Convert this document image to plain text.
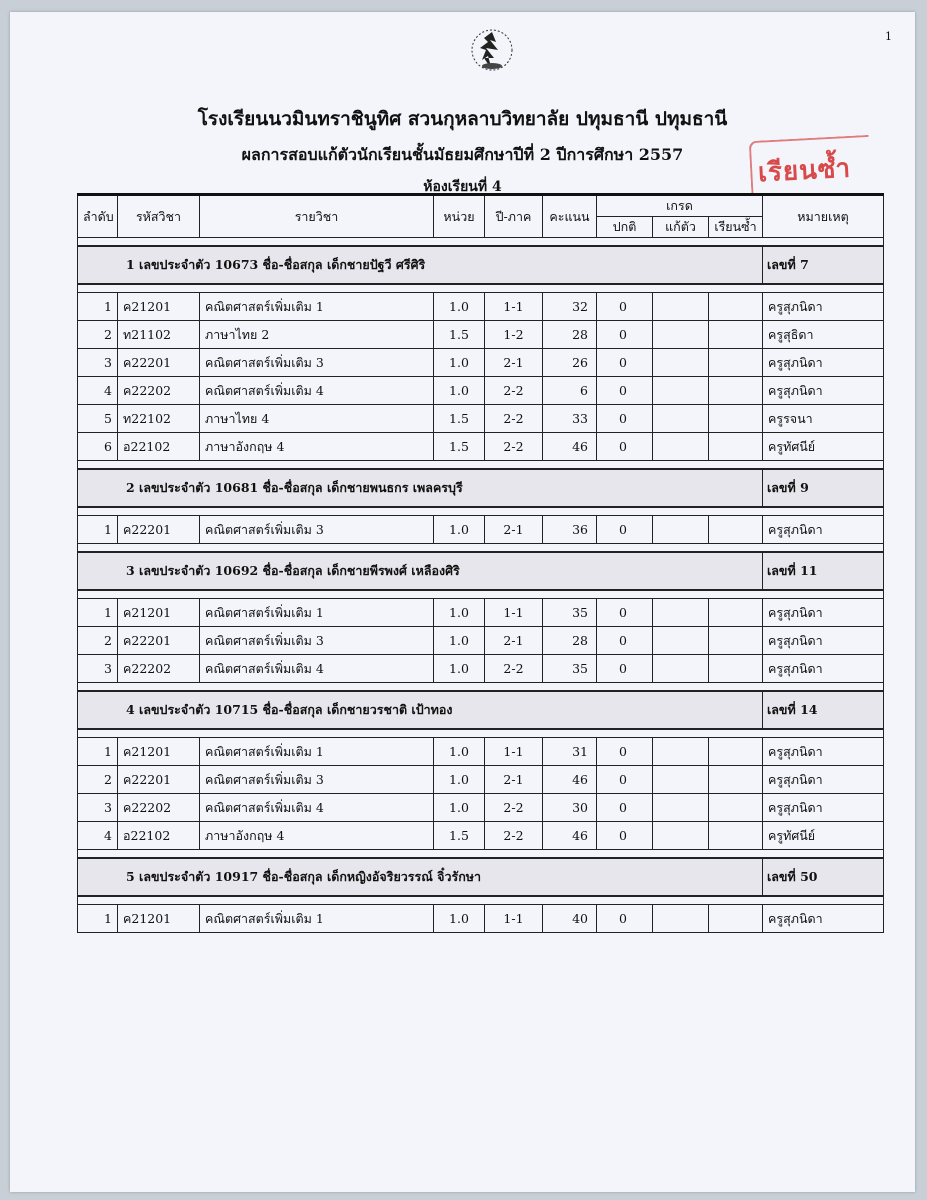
1
โรงเรียนนวมินทราชินูทิศ สวนกุหลาบวิทยาลัย ปทุมธานี ปทุมธานี
ผลการสอบแก้ตัวนักเรียนชั้นมัธยมศึกษาปีที่ 2 ปีการศึกษา 2557
ห้องเรียนที่ 4	เรียนซ้ำ
ลำดับ	รหัสวิชา	รายวิชา	หน่วย	ปี-ภาค	คะแนน	เกรด			หมายเหตุ
						ปกติ	แก้ตัว	เรียนซ้ำ	

1 เลขประจำตัว 10673 ชื่อ-ชื่อสกุล เด็กชายปัฐวี ศรีศิริ									เลขที่ 7

1	ค21201	คณิตศาสตร์เพิ่มเติม 1	1.0	1-1	32	0			ครูสุภนิดา
2	ท21102	ภาษาไทย 2	1.5	1-2	28	0			ครูสุธิดา
3	ค22201	คณิตศาสตร์เพิ่มเติม 3	1.0	2-1	26	0			ครูสุภนิดา
4	ค22202	คณิตศาสตร์เพิ่มเติม 4	1.0	2-2	6	0			ครูสุภนิดา
5	ท22102	ภาษาไทย 4	1.5	2-2	33	0			ครูรจนา
6	อ22102	ภาษาอังกฤษ 4	1.5	2-2	46	0			ครูทัศนีย์

2 เลขประจำตัว 10681 ชื่อ-ชื่อสกุล เด็กชายพนธกร เพลครบุรี									เลขที่ 9

1	ค22201	คณิตศาสตร์เพิ่มเติม 3	1.0	2-1	36	0			ครูสุภนิดา

3 เลขประจำตัว 10692 ชื่อ-ชื่อสกุล เด็กชายพีรพงศ์ เหลืองศิริ									เลขที่ 11

1	ค21201	คณิตศาสตร์เพิ่มเติม 1	1.0	1-1	35	0			ครูสุภนิดา
2	ค22201	คณิตศาสตร์เพิ่มเติม 3	1.0	2-1	28	0			ครูสุภนิดา
3	ค22202	คณิตศาสตร์เพิ่มเติม 4	1.0	2-2	35	0			ครูสุภนิดา

4 เลขประจำตัว 10715 ชื่อ-ชื่อสกุล เด็กชายวรชาติ เป้าทอง									เลขที่ 14

1	ค21201	คณิตศาสตร์เพิ่มเติม 1	1.0	1-1	31	0			ครูสุภนิดา
2	ค22201	คณิตศาสตร์เพิ่มเติม 3	1.0	2-1	46	0			ครูสุภนิดา
3	ค22202	คณิตศาสตร์เพิ่มเติม 4	1.0	2-2	30	0			ครูสุภนิดา
4	อ22102	ภาษาอังกฤษ 4	1.5	2-2	46	0			ครูทัศนีย์

5 เลขประจำตัว 10917 ชื่อ-ชื่อสกุล เด็กหญิงอัจริยวรรณ์ จิ๋วรักษา									เลขที่ 50

1	ค21201	คณิตศาสตร์เพิ่มเติม 1	1.0	1-1	40	0			ครูสุภนิดา
